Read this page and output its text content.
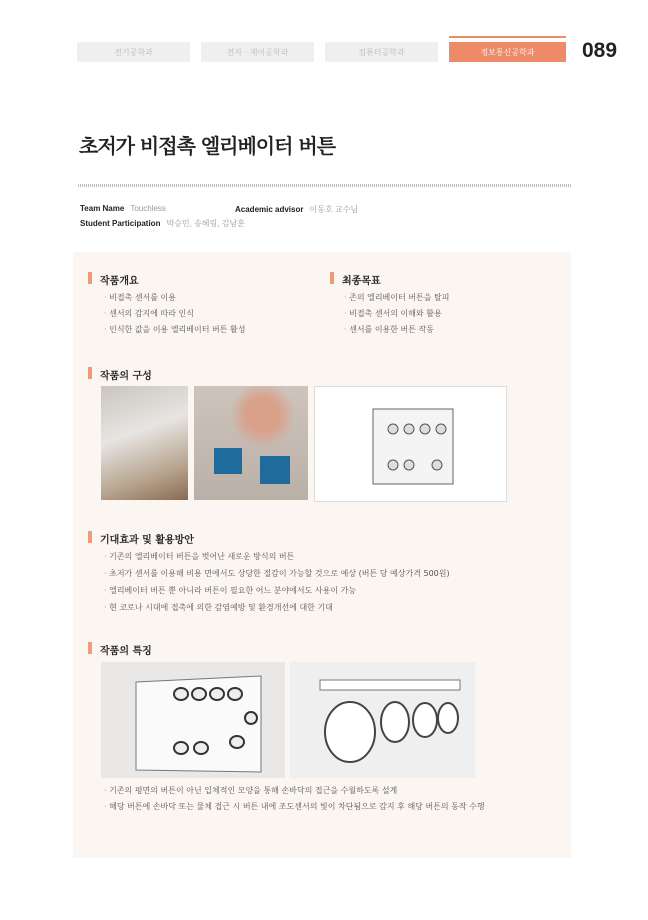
전기공학과	전자 · 제어공학과	컴퓨터공학과	정보통신공학과	089
초저가 비접촉 엘리베이터 버튼
Team Name Touchless	Academic advisor 이동호 교수님
Student Participation 박승민, 송혜림, 김남훈
작품개요
· 비접촉 센서를 이용
· 센서의 감지에 따라 인식
· 인식한 값을 이용 엘리베이터 버튼 활성
최종목표
· 존의 엘리베이터 버튼을 탈피
· 비접촉 센서의 이해와 활용
· 센서를 이용한 버튼 작동
작품의 구성
기대효과 및 활용방안
· 기존의 엘리베이터 버튼을 벗어난 새로운 방식의 버튼
· 초저가 센서를 이용해 비용 면에서도 상당한 절감이 가능할 것으로 예상 (버튼 당 예상가격 500원)
· 엘리베이터 버튼 뿐 아니라 버튼이 필요한 어느 분야에서도 사용이 가능
· 현 코로나 시대에 접촉에 의한 감염예방 및 환경개선에 대한 기대
작품의 특징
· 기존의 평면의 버튼이 아닌 입체적인 모양을 통해 손바닥의 접근을 수월하도록 설계
· 해당 버튼에 손바닥 또는 물체 접근 시 버튼 내에 조도센서의 빛이 차단됨으로 감지 후 해당 버튼의 동작 수행
